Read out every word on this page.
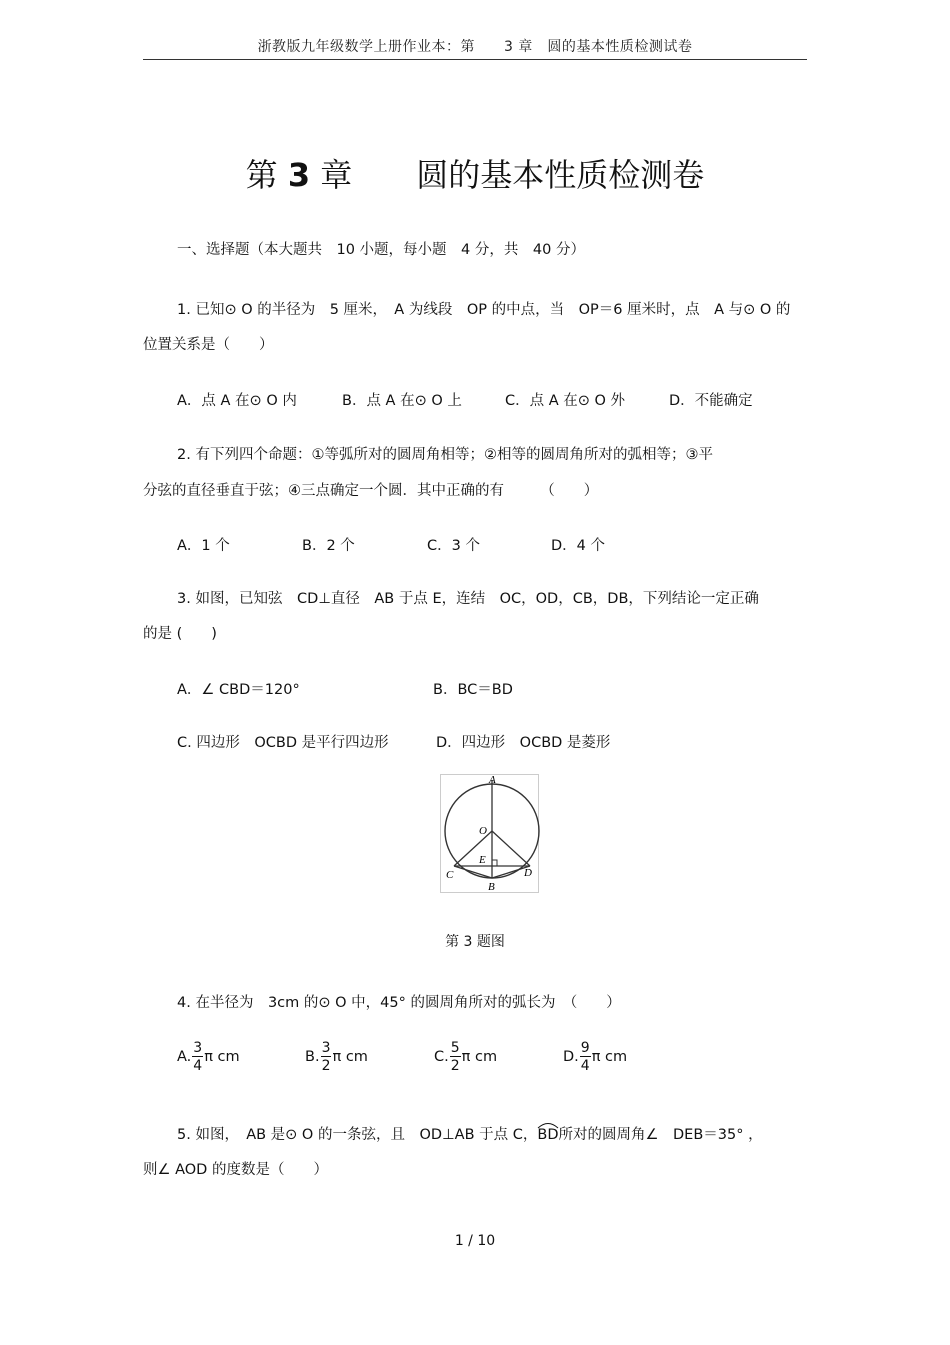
浙教版九年级数学上册作业本：第　　3 章　圆的基本性质检测试卷
第 3 章　　圆的基本性质检测卷
一、选择题（本大题共　10 小题，每小题　4 分，共　40 分）
1. 已知⊙ O 的半径为　5 厘米，　A 为线段　OP 的中点，当　OP＝6 厘米时，点　A 与⊙ O 的
位置关系是（　　）
A．点 A 在⊙ O 内	B．点 A 在⊙ O 上	C．点 A 在⊙ O 外	D．不能确定
2. 有下列四个命题：①等弧所对的圆周角相等；②相等的圆周角所对的弧相等；③平
分弦的直径垂直于弦；④三点确定一个圆．其中正确的有　　　（　　）
A．1 个	B．2 个	C．3 个	D．4 个
3. 如图，已知弦　CD⊥直径　AB 于点 E，连结　OC，OD，CB，DB，下列结论一定正确
的是 (　　)
A．∠ CBD＝120°	B．BC＝BD
C. 四边形　OCBD 是平行四边形	D．四边形　OCBD 是菱形
A
O
E
C
B
D
第 3 题图
4. 在半径为　3cm 的⊙ O 中，45° 的圆周角所对的弧长为　（　　）
A. $\frac{3}{4}$ π cm	B. $\frac{3}{2}$ π cm	C. $\frac{5}{2}$ π cm	D. $\frac{9}{4}$ π cm
5. 如图，　AB 是⊙ O 的一条弦，且　OD⊥AB 于点 C，
BD所对的圆周角∠　DEB＝35° ，
则∠ AOD 的度数是（　　）
1 / 10
